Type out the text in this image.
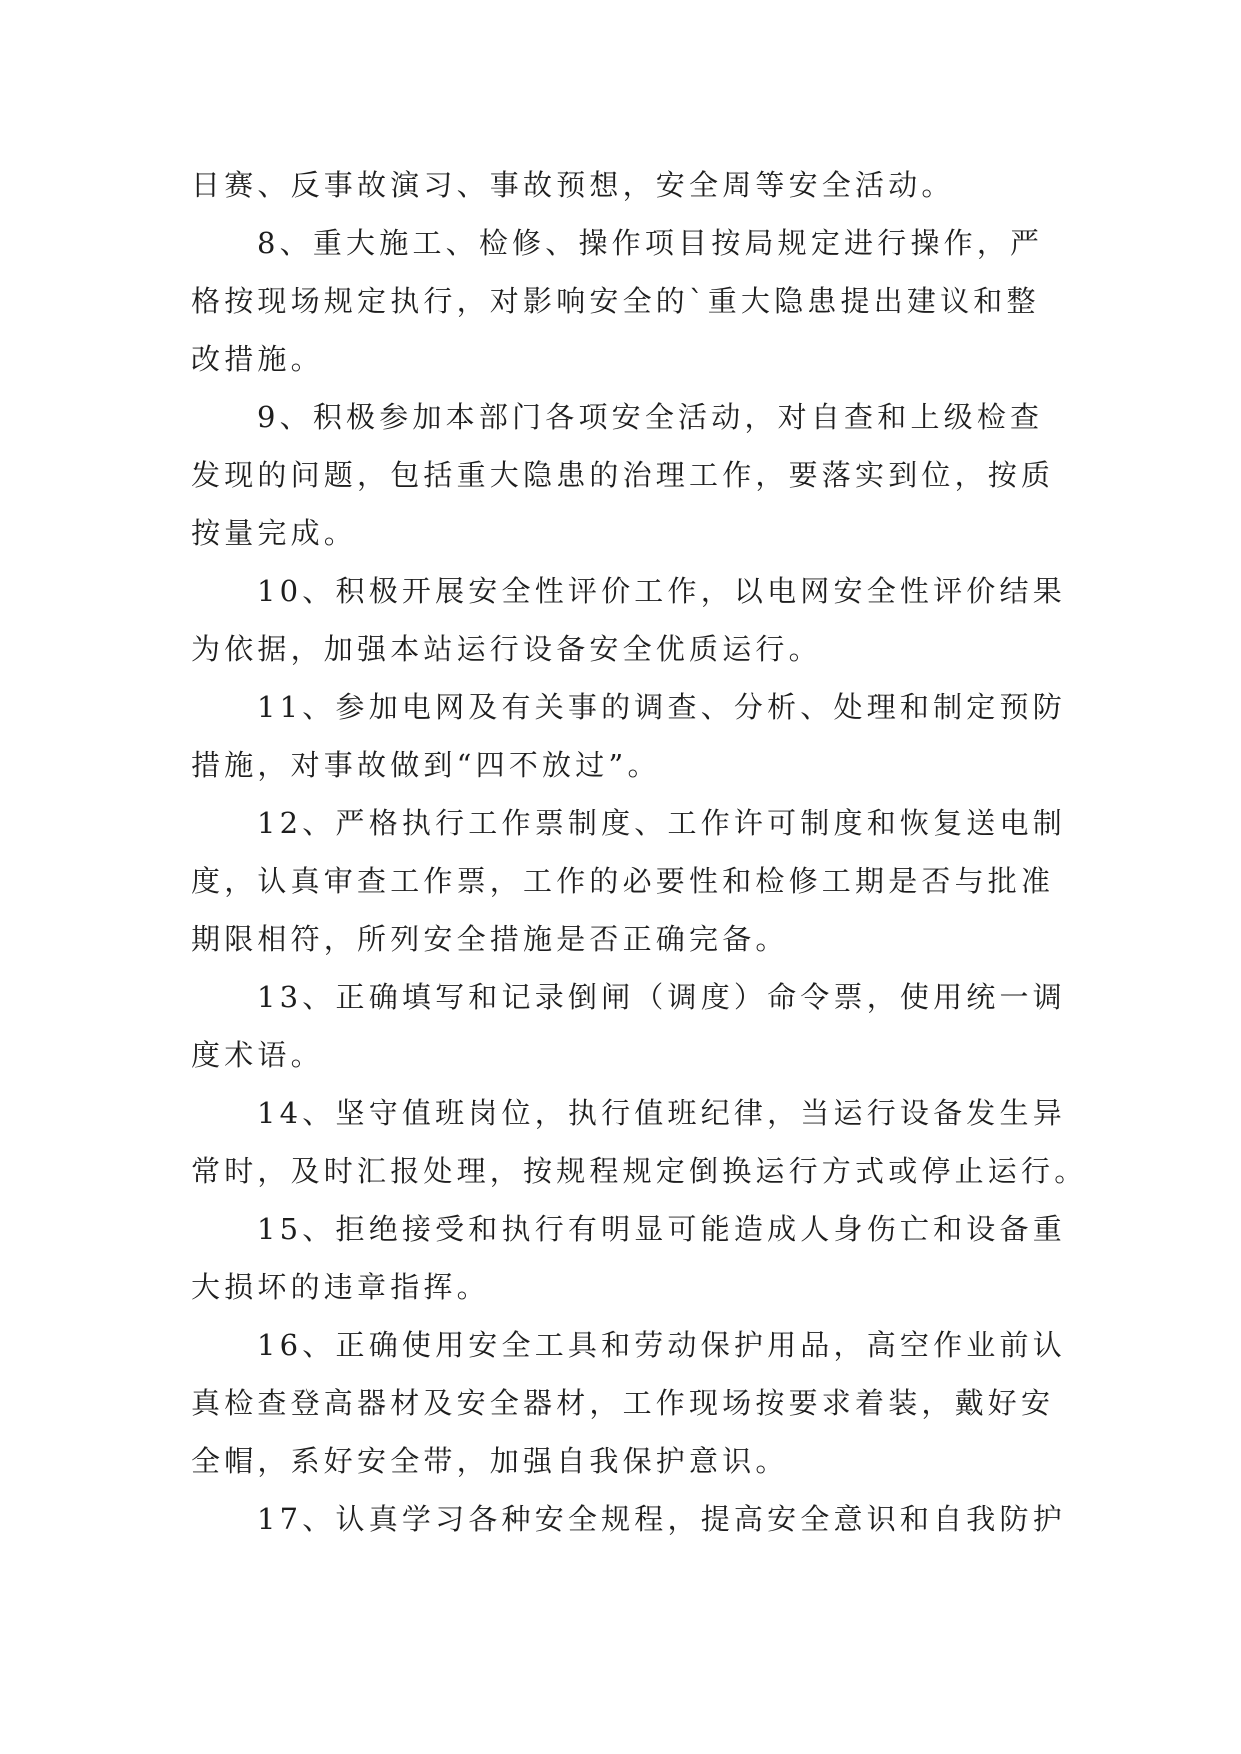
日赛、反事故演习、事故预想，安全周等安全活动。

8、重大施工、检修、操作项目按局规定进行操作，严
格按现场规定执行，对影响安全的`重大隐患提出建议和整
改措施。

9、积极参加本部门各项安全活动，对自查和上级检查
发现的问题，包括重大隐患的治理工作，要落实到位，按质
按量完成。

10、积极开展安全性评价工作，以电网安全性评价结果
为依据，加强本站运行设备安全优质运行。

11、参加电网及有关事的调查、分析、处理和制定预防
措施，对事故做到“四不放过”。

12、严格执行工作票制度、工作许可制度和恢复送电制
度，认真审查工作票，工作的必要性和检修工期是否与批准
期限相符，所列安全措施是否正确完备。

13、正确填写和记录倒闸（调度）命令票，使用统一调
度术语。

14、坚守值班岗位，执行值班纪律，当运行设备发生异
常时，及时汇报处理，按规程规定倒换运行方式或停止运行。

15、拒绝接受和执行有明显可能造成人身伤亡和设备重
大损坏的违章指挥。

16、正确使用安全工具和劳动保护用品，高空作业前认
真检查登高器材及安全器材，工作现场按要求着装，戴好安
全帽，系好安全带，加强自我保护意识。

17、认真学习各种安全规程，提高安全意识和自我防护
